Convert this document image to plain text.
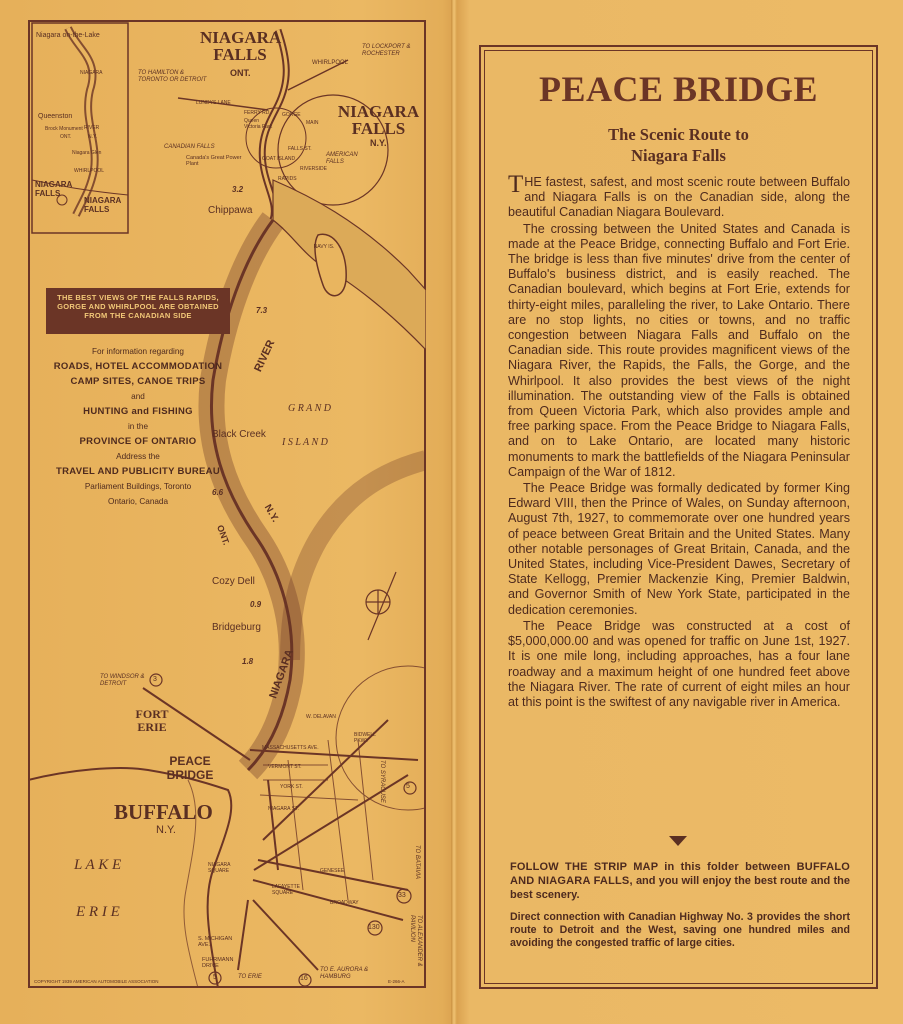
Niagara on-the-Lake
Queenston
Brock Monument
Niagara Glen
WHIRLPOOL
ONT.	N.Y.
NIAGARA
RIVER
NIAGARA FALLS
NIAGARA FALLS
NIAGARA FALLS
ONT.
NIAGARA FALLS
N.Y.
TO LOCKPORT & ROCHESTER
TO HAMILTON & TORONTO OR DETROIT
WHIRLPOOL
CANADIAN FALLS
Canada's Great Power Plant
AMERICAN FALLS
GOAT ISLAND
FALLS ST.
Queen Victoria Park
FERRY RD.
LUNDYS LANE
GORGE
RAPIDS
RIVERSIDE
MAIN
3.2
Chippawa
NAVY IS.
7.3
RIVER
G R A N D
I S L A N D
Black Creek
6.6
N.Y.
ONT.
Cozy Dell
0.9
Bridgeburg
1.8 NIAGARA
TO WINDSOR & DETROIT
3
FORT ERIE
PEACE BRIDGE
BUFFALO
N.Y.
L A K E
E R I E
TO SYRACUSE
TO BATAVIA
TO ALEXANDER & PAVILION
TO E. AURORA & HAMBURG
TO ERIE
5
5
33
130
16
MASSACHUSETTS AVE.
VERMONT ST.
YORK ST.
W. DELAVAN
BIDWELL PKWY
NIAGARA ST.
GENESEE
BROADWAY
NIAGARA SQUARE
LAFAYETTE SQUARE
S. MICHIGAN AVE.
FUHRMANN DRIVE
COPYRIGHT 1939 AMERICAN AUTOMOBILE ASSOCIATION	E-266-A
THE BEST VIEWS OF THE FALLS RAPIDS, GORGE AND WHIRLPOOL ARE OBTAINED FROM THE CANADIAN SIDE
For information regarding
ROADS, HOTEL ACCOMMODATION
CAMP SITES, CANOE TRIPS
and
HUNTING and FISHING
in the
PROVINCE OF ONTARIO
Address the
TRAVEL AND PUBLICITY BUREAU
Parliament Buildings, Toronto
Ontario, Canada
PEACE BRIDGE
The Scenic Route to
Niagara Falls

THE fastest, safest, and most scenic route between Buffalo and Niagara Falls is on the Canadian side, along the beautiful Canadian Niagara Boulevard.

The crossing between the United States and Canada is made at the Peace Bridge, connecting Buffalo and Fort Erie. The bridge is less than five minutes' drive from the center of Buffalo's business district, and is easily reached. The Canadian boulevard, which begins at Fort Erie, extends for thirty-eight miles, paralleling the river, to Lake Ontario. There are no stop lights, no cities or towns, and no traffic congestion between Niagara Falls and Buffalo on the Canadian side. This route provides magnificent views of the Niagara River, the Rapids, the Falls, the Gorge, and the Whirlpool. It also provides the best views of the night illumination. The outstanding view of the Falls is obtained from Queen Victoria Park, which also provides ample and free parking space. From the Peace Bridge to Niagara Falls, and on to Lake Ontario, are located many historic monuments to mark the battlefields of the Niagara Peninsular Campaign of the War of 1812.

The Peace Bridge was formally dedicated by former King Edward VIII, then the Prince of Wales, on Sunday afternoon, August 7th, 1927, to commemorate over one hundred years of peace between Great Britain and the United States. Many other notable personages of Great Britain, Canada, and the United States, including Vice-President Dawes, Secretary of State Kellogg, Premier Mackenzie King, Premier Baldwin, and Governor Smith of New York State, participated in the dedication ceremonies.

The Peace Bridge was constructed at a cost of $5,000,000.00 and was opened for traffic on June 1st, 1927. It is one mile long, including approaches, has a four lane roadway and a maximum height of one hundred feet above the Niagara River. The rate of current of eight miles an hour at this point is the swiftest of any navigable river in America.

FOLLOW THE STRIP MAP in this folder between BUFFALO AND NIAGARA FALLS, and you will enjoy the best route and the best scenery.
Direct connection with Canadian Highway No. 3 provides the short route to Detroit and the West, saving one hundred miles and avoiding the congested traffic of large cities.
